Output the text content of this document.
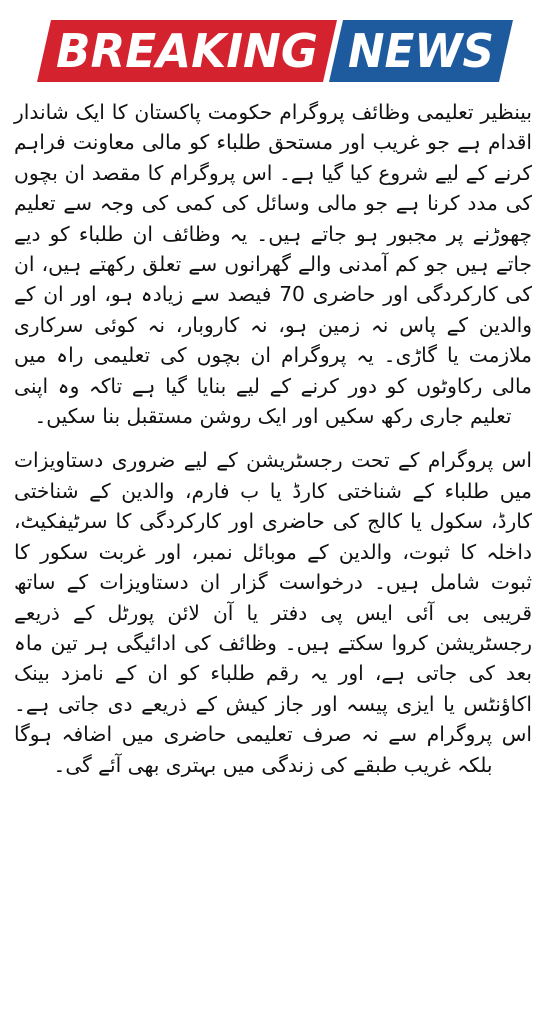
BREAKING NEWS

بینظیر تعلیمی وظائف پروگرام حکومت پاکستان کا ایک شاندار اقدام ہے جو غریب اور مستحق طلباء کو مالی معاونت فراہم کرنے کے لیے شروع کیا گیا ہے۔ اس پروگرام کا مقصد ان بچوں کی مدد کرنا ہے جو مالی وسائل کی کمی کی وجہ سے تعلیم چھوڑنے پر مجبور ہو جاتے ہیں۔ یہ وظائف ان طلباء کو دیے جاتے ہیں جو کم آمدنی والے گھرانوں سے تعلق رکھتے ہیں، ان کی کارکردگی اور حاضری 70 فیصد سے زیادہ ہو، اور ان کے والدین کے پاس نہ زمین ہو، نہ کاروبار، نہ کوئی سرکاری ملازمت یا گاڑی۔ یہ پروگرام ان بچوں کی تعلیمی راہ میں مالی رکاوٹوں کو دور کرنے کے لیے بنایا گیا ہے تاکہ وہ اپنی تعلیم جاری رکھ سکیں اور ایک روشن مستقبل بنا سکیں۔

اس پروگرام کے تحت رجسٹریشن کے لیے ضروری دستاویزات میں طلباء کے شناختی کارڈ یا ب فارم، والدین کے شناختی کارڈ، سکول یا کالج کی حاضری اور کارکردگی کا سرٹیفکیٹ، داخلہ کا ثبوت، والدین کے موبائل نمبر، اور غربت سکور کا ثبوت شامل ہیں۔ درخواست گزار ان دستاویزات کے ساتھ قریبی بی آئی ایس پی دفتر یا آن لائن پورٹل کے ذریعے رجسٹریشن کروا سکتے ہیں۔ وظائف کی ادائیگی ہر تین ماہ بعد کی جاتی ہے، اور یہ رقم طلباء کو ان کے نامزد بینک اکاؤنٹس یا ایزی پیسہ اور جاز کیش کے ذریعے دی جاتی ہے۔ اس پروگرام سے نہ صرف تعلیمی حاضری میں اضافہ ہوگا بلکہ غریب طبقے کی زندگی میں بہتری بھی آئے گی۔
